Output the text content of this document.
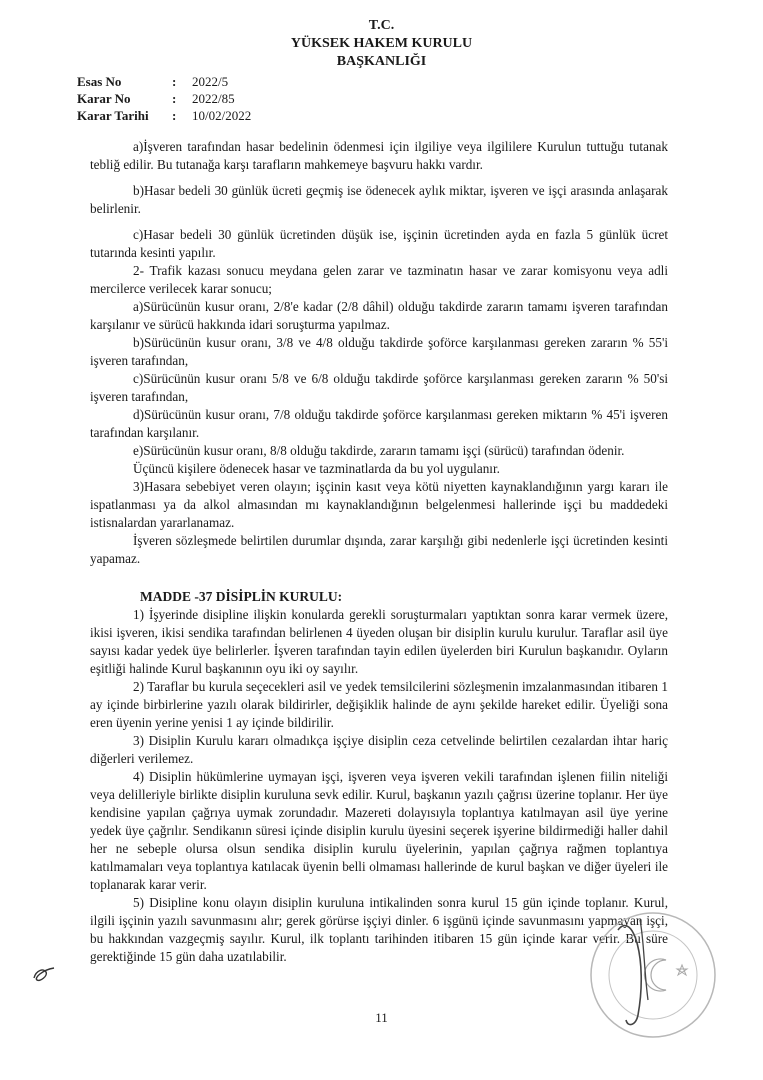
T.C.
YÜKSEK HAKEM KURULU
BAŞKANLIĞI
Esas No	: 2022/5
Karar No	: 2022/85
Karar Tarihi : 10/02/2022

a)İşveren tarafından hasar bedelinin ödenmesi için ilgiliye veya ilgililere Kurulun tuttuğu tutanak tebliğ edilir. Bu tutanağa karşı tarafların mahkemeye başvuru hakkı vardır.

b)Hasar bedeli 30 günlük ücreti geçmiş ise ödenecek aylık miktar, işveren ve işçi arasında anlaşarak belirlenir.

c)Hasar bedeli 30 günlük ücretinden düşük ise, işçinin ücretinden ayda en fazla 5 günlük ücret tutarında kesinti yapılır.

2- Trafik kazası sonucu meydana gelen zarar ve tazminatın hasar ve zarar komisyonu veya adli mercilerce verilecek karar sonucu;

a)Sürücünün kusur oranı, 2/8'e kadar (2/8 dâhil) olduğu takdirde zararın tamamı işveren tarafından karşılanır ve sürücü hakkında idari soruşturma yapılmaz.

b)Sürücünün kusur oranı, 3/8 ve 4/8 olduğu takdirde şoförce karşılanması gereken zararın % 55'i işveren tarafından,

c)Sürücünün kusur oranı 5/8 ve 6/8 olduğu takdirde şoförce karşılanması gereken zararın % 50'si işveren tarafından,

d)Sürücünün kusur oranı, 7/8 olduğu takdirde şoförce karşılanması gereken miktarın % 45'i işveren tarafından karşılanır.

e)Sürücünün kusur oranı, 8/8 olduğu takdirde, zararın tamamı işçi (sürücü) tarafından ödenir.

Üçüncü kişilere ödenecek hasar ve tazminatlarda da bu yol uygulanır.

3)Hasara sebebiyet veren olayın; işçinin kasıt veya kötü niyetten kaynaklandığının yargı kararı ile ispatlanması ya da alkol almasından mı kaynaklandığının belgelenmesi hallerinde işçi bu maddedeki istisnalardan yararlanamaz.

İşveren sözleşmede belirtilen durumlar dışında, zarar karşılığı gibi nedenlerle işçi ücretinden kesinti yapamaz.

MADDE -37 DİSİPLİN KURULU:

1) İşyerinde disipline ilişkin konularda gerekli soruşturmaları yaptıktan sonra karar vermek üzere, ikisi işveren, ikisi sendika tarafından belirlenen 4 üyeden oluşan bir disiplin kurulu kurulur. Taraflar asil üye sayısı kadar yedek üye belirlerler. İşveren tarafından tayin edilen üyelerden biri Kurulun başkanıdır. Oyların eşitliği halinde Kurul başkanının oyu iki oy sayılır.

2) Taraflar bu kurula seçecekleri asil ve yedek temsilcilerini sözleşmenin imzalanmasından itibaren 1 ay içinde birbirlerine yazılı olarak bildirirler, değişiklik halinde de aynı şekilde hareket edilir. Üyeliği sona eren üyenin yerine yenisi 1 ay içinde bildirilir.

3) Disiplin Kurulu kararı olmadıkça işçiye disiplin ceza cetvelinde belirtilen cezalardan ihtar hariç diğerleri verilemez.

4) Disiplin hükümlerine uymayan işçi, işveren veya işveren vekili tarafından işlenen fiilin niteliği veya delilleriyle birlikte disiplin kuruluna sevk edilir. Kurul, başkanın yazılı çağrısı üzerine toplanır. Her üye kendisine yapılan çağrıya uymak zorundadır. Mazereti dolayısıyla toplantıya katılmayan asil üye yerine yedek üye çağrılır. Sendikanın süresi içinde disiplin kurulu üyesini seçerek işyerine bildirmediği haller dahil her ne sebeple olursa olsun sendika disiplin kurulu üyelerinin, yapılan çağrıya rağmen toplantıya katılmamaları veya toplantıya katılacak üyenin belli olmaması hallerinde de kurul başkan ve diğer üyeleri ile toplanarak karar verir.

5) Disipline konu olayın disiplin kuruluna intikalinden sonra kurul 15 gün içinde toplanır. Kurul, ilgili işçinin yazılı savunmasını alır; gerek görürse işçiyi dinler. 6 işgünü içinde savunmasını yapmayan işçi, bu hakkından vazgeçmiş sayılır. Kurul, ilk toplantı tarihinden itibaren 15 gün içinde karar verir. Bu süre gerektiğinde 15 gün daha uzatılabilir.

11
